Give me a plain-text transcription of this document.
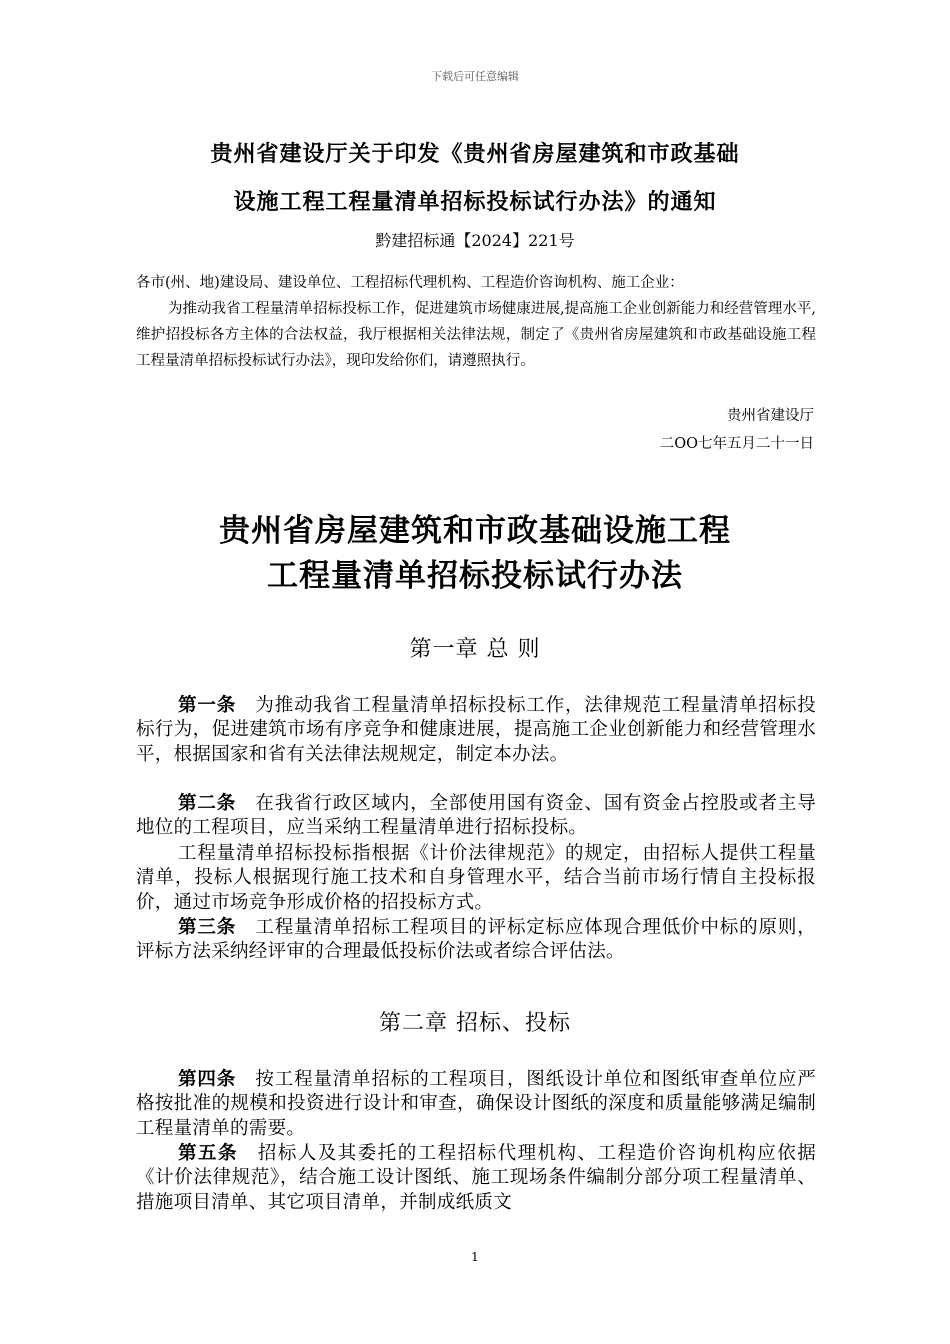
下载后可任意编辑
贵州省建设厅关于印发《贵州省房屋建筑和市政基础
设施工程工程量清单招标投标试行办法》的通知
黔建招标通【2024】221号
各市(州、地)建设局、建设单位、工程招标代理机构、工程造价咨询机构、施工企业：
为推动我省工程量清单招标投标工作，促进建筑市场健康进展,提高施工企业创新能力和经营管理水平,维护招投标各方主体的合法权益，我厅根据相关法律法规，制定了《贵州省房屋建筑和市政基础设施工程工程量清单招标投标试行办法》，现印发给你们，请遵照执行。
贵州省建设厅
二OO七年五月二十一日
贵州省房屋建筑和市政基础设施工程
工程量清单招标投标试行办法
第一章 总 则
第一条　为推动我省工程量清单招标投标工作，法律规范工程量清单招标投标行为，促进建筑市场有序竞争和健康进展，提高施工企业创新能力和经营管理水平，根据国家和省有关法律法规规定，制定本办法。
第二条　在我省行政区域内，全部使用国有资金、国有资金占控股或者主导地位的工程项目，应当采纳工程量清单进行招标投标。
工程量清单招标投标指根据《计价法律规范》的规定，由招标人提供工程量清单，投标人根据现行施工技术和自身管理水平，结合当前市场行情自主投标报价，通过市场竞争形成价格的招投标方式。
第三条　工程量清单招标工程项目的评标定标应体现合理低价中标的原则，评标方法采纳经评审的合理最低投标价法或者综合评估法。
第二章 招标、投标
第四条　按工程量清单招标的工程项目，图纸设计单位和图纸审查单位应严格按批准的规模和投资进行设计和审查，确保设计图纸的深度和质量能够满足编制工程量清单的需要。
第五条　招标人及其委托的工程招标代理机构、工程造价咨询机构应依据《计价法律规范》，结合施工设计图纸、施工现场条件编制分部分项工程量清单、措施项目清单、其它项目清单，并制成纸质文
1
